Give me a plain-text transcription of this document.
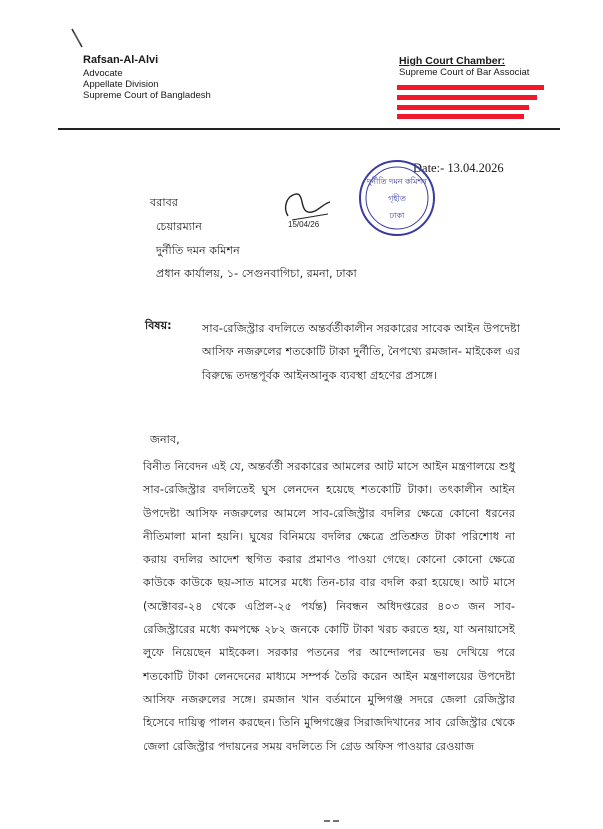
Rafsan-Al-Alvi
Advocate
Appellate Division
Supreme Court of Bangladesh
High Court Chamber:
Supreme Court of Bar Associat
Date:- 13.04.2026
15/04/26
দুর্নীতি দমন কমিশন
গৃহীত
ঢাকা
বরাবর
চেয়ারম্যান
দুর্নীতি দমন কমিশন
প্রধান কার্যালয়, ১- সেগুনবাগিচা, রমনা, ঢাকা
বিষয়:	সাব-রেজিস্ট্রার বদলিতে অন্তর্বর্তীকালীন সরকারের সাবেক আইন উপদেষ্টা আসিফ নজরুলের শতকোটি টাকা দুর্নীতি, নৈপথ্যে রমজান- মাইকেল এর বিরুদ্ধে তদন্তপূর্বক আইনআনুক ব্যবস্থা গ্রহণের প্রসঙ্গে।
জনাব,

বিনীত নিবেদন এই যে, অন্তর্বর্তী সরকারের আমলের আট মাসে আইন মন্ত্রণালয়ে শুধু সাব-রেজিস্ট্রার বদলিতেই ঘুস লেনদেন হয়েছে শতকোটি টাকা। তৎকালীন আইন উপদেষ্টা আসিফ নজরুলের আমলে সাব-রেজিস্ট্রার বদলির ক্ষেত্রে কোনো ধরনের নীতিমালা মানা হয়নি। ঘুষের বিনিময়ে বদলির ক্ষেত্রে প্রতিশ্রুত টাকা পরিশোধ না করায় বদলির আদেশ স্থগিত করার প্রমাণও পাওয়া গেছে। কোনো কোনো ক্ষেত্রে কাউকে কাউকে ছয়-সাত মাসের মধ্যে তিন-চার বার বদলি করা হয়েছে। আট মাসে (অক্টোবর-২৪ থেকে এপ্রিল-২৫ পর্যন্ত) নিবন্ধন অধিদপ্তরের ৪০৩ জন সাব-রেজিস্ট্রারের মধ্যে কমপক্ষে ২৮২ জনকে কোটি টাকা খরচ করতে হয়, যা অনায়াসেই লুফে নিয়েছেন মাইকেল। সরকার পতনের পর আন্দোলনের ভয় দেখিয়ে পরে শতকোটি টাকা লেনদেনের মাধ্যমে সম্পর্ক তৈরি করেন আইন মন্ত্রণালয়ের উপদেষ্টা আসিফ নজরুলের সঙ্গে। রমজান খান বর্তমানে মুন্সিগঞ্জ সদরে জেলা রেজিস্ট্রার হিসেবে দায়িত্ব পালন করছেন। তিনি মুন্সিগঞ্জের সিরাজদিখানের সাব রেজিস্ট্রার থেকে জেলা রেজিস্ট্রার পদায়নের সময় বদলিতে সি গ্রেড অফিস পাওয়ার রেওয়াজ
